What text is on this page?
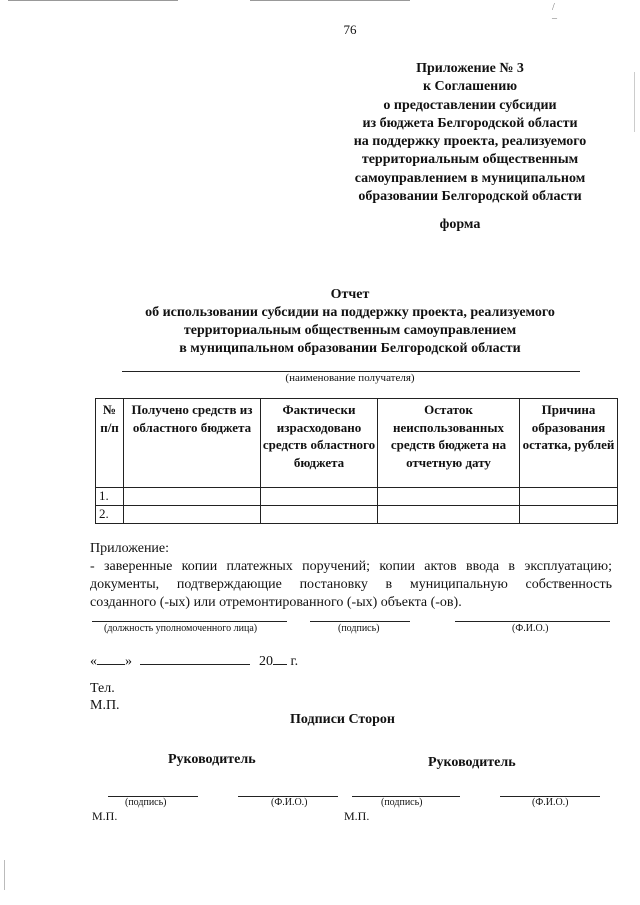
/
–
76
Приложение № 3
к Соглашению
о предоставлении субсидии
из бюджета Белгородской области
на поддержку проекта, реализуемого
территориальным общественным
самоуправлением в муниципальном
образовании Белгородской области
форма
Отчет
об использовании субсидии на поддержку проекта, реализуемого
территориальным общественным самоуправлением
в муниципальном образовании Белгородской области
(наименование получателя)
№ п/п	Получено средств из областного бюджета	Фактически израсходовано средств областного бюджета	Остаток неиспользованных средств бюджета на отчетную дату	Причина образования остатка, рублей
1.				
2.				
Приложение:
- заверенные копии платежных поручений; копии актов ввода в эксплуатацию;
документы, подтверждающие постановку в муниципальную собственность
созданного (-ых) или отремонтированного (-ых) объекта (-ов).
(должность уполномоченного лица)	(подпись)	(Ф.И.О.)
« »	20 г.
Тел.
М.П.
Подписи Сторон
Руководитель	Руководитель
(подпись)	(Ф.И.О.)
М.П.
(подпись)	(Ф.И.О.)
М.П.
